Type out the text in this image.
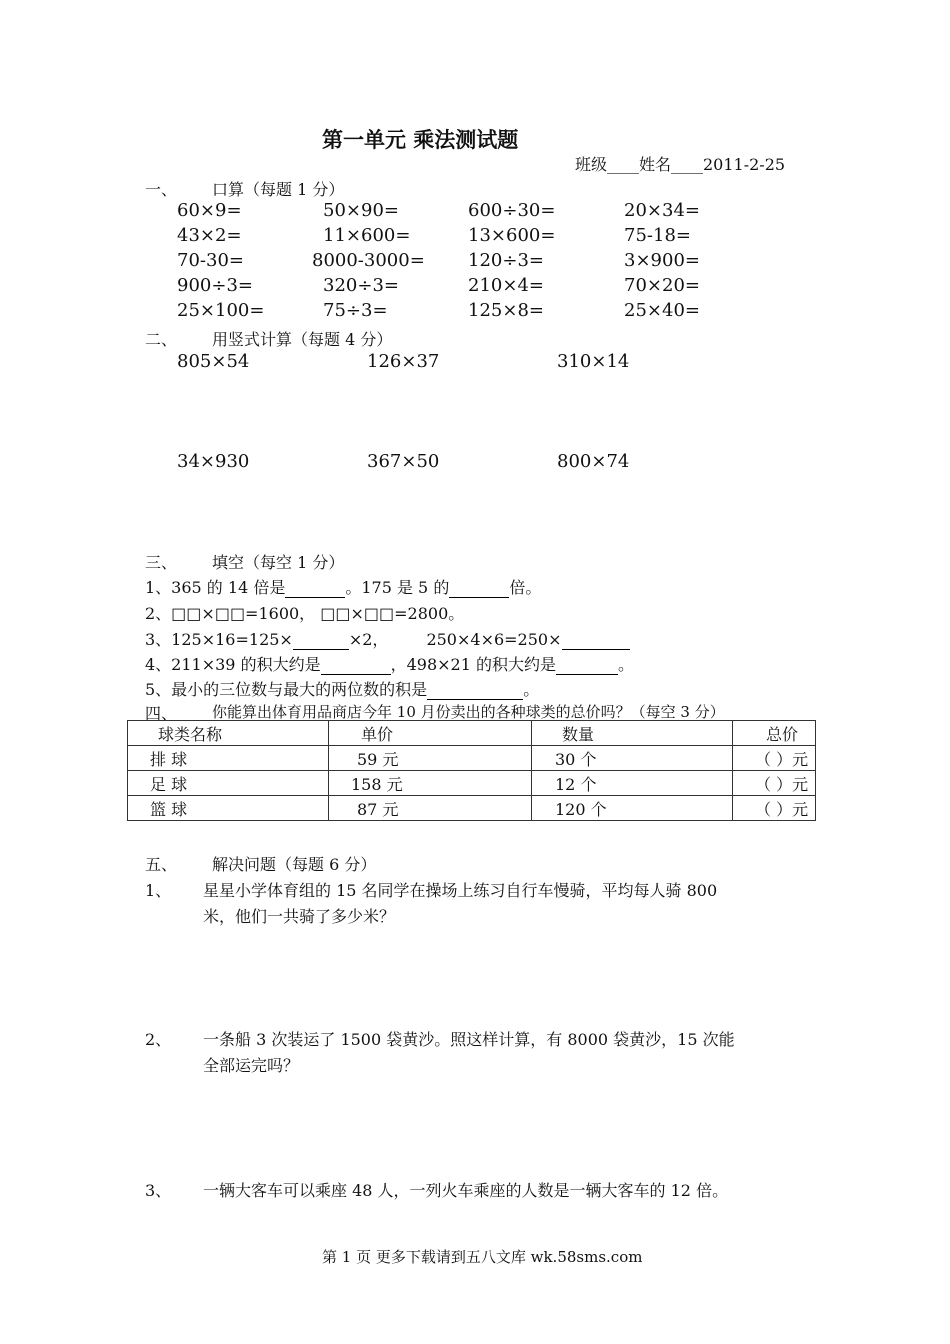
第一单元 乘法测试题
班级____姓名____2011-2-25
一、 口算（每题 1 分）
60×9=	50×90=	600÷30=	20×34=
43×2=	11×600=	13×600=	75-18=
70-30=	8000-3000= 120÷3=	3×900=
900÷3=	320÷3=	210×4=	70×20=
25×100=	75÷3=	125×8=	25×40=
二、 用竖式计算（每题 4 分）
805×54	126×37	310×14
34×930	367×50	800×74
三、 填空（每空 1 分）
1、365 的 14 倍是	。175 是 5 的	倍。
2、□□×□□=1600， □□×□□=2800。
3、125×16=125×	×2， 250×4×6=250×
4、211×39 的积大约是	，498×21 的积大约是	。
5、最小的三位数与最大的两位数的积是	。
四、 你能算出体育用品商店今年 10 月份卖出的各种球类的总价吗？（每空 3 分）
球类名称	单价	数量	总价
排 球	59 元	30 个	（ ）元
足 球	158 元	12 个	（ ）元
篮 球	87 元	120 个	（ ）元
五、 解决问题（每题 6 分）
1、 星星小学体育组的 15 名同学在操场上练习自行车慢骑，平均每人骑 800
米，他们一共骑了多少米？
2、 一条船 3 次装运了 1500 袋黄沙。照这样计算，有 8000 袋黄沙，15 次能
全部运完吗？
3、 一辆大客车可以乘座 48 人，一列火车乘座的人数是一辆大客车的 12 倍。
第 1 页 更多下载请到五八文库 wk.58sms.com
